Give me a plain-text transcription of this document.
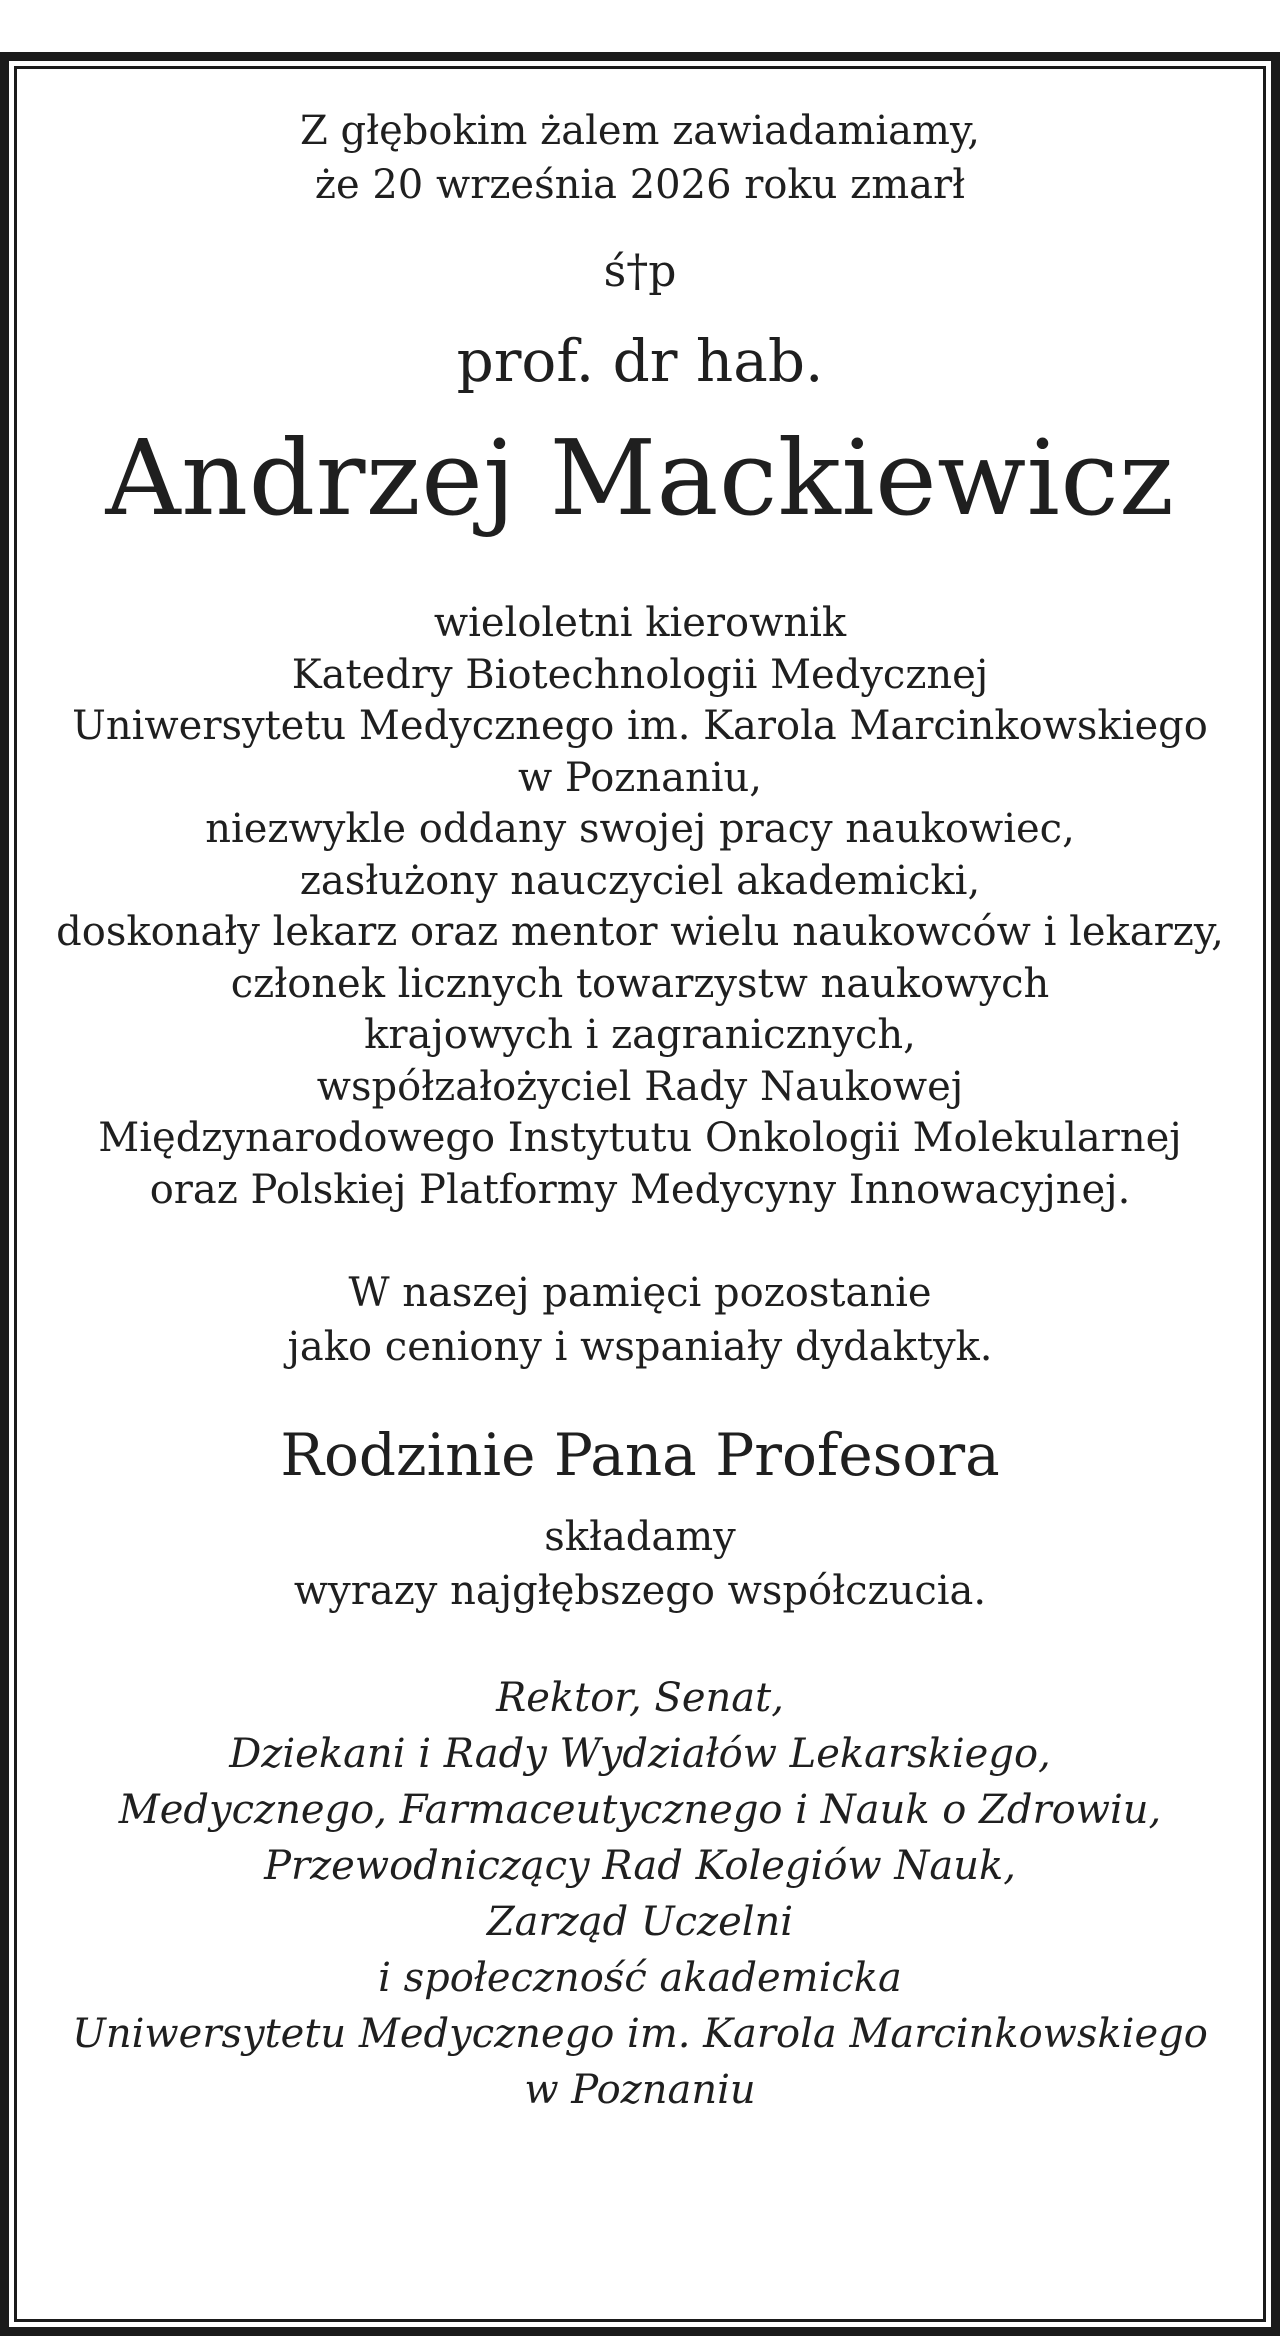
Z głębokim żalem zawiadamiamy,
że 20 września 2026 roku zmarł

ś†p

prof. dr hab.

Andrzej Mackiewicz

wieloletni kierownik
Katedry Biotechnologii Medycznej
Uniwersytetu Medycznego im. Karola Marcinkowskiego
w Poznaniu,
niezwykle oddany swojej pracy naukowiec,
zasłużony nauczyciel akademicki,
doskonały lekarz oraz mentor wielu naukowców i lekarzy,
członek licznych towarzystw naukowych
krajowych i zagranicznych,
współzałożyciel Rady Naukowej
Międzynarodowego Instytutu Onkologii Molekularnej
oraz Polskiej Platformy Medycyny Innowacyjnej.

W naszej pamięci pozostanie
jako ceniony i wspaniały dydaktyk.

Rodzinie Pana Profesora

składamy
wyrazy najgłębszego współczucia.

Rektor, Senat,
Dziekani i Rady Wydziałów Lekarskiego,
Medycznego, Farmaceutycznego i Nauk o Zdrowiu,
Przewodniczący Rad Kolegiów Nauk,
Zarząd Uczelni
i społeczność akademicka
Uniwersytetu Medycznego im. Karola Marcinkowskiego
w Poznaniu
